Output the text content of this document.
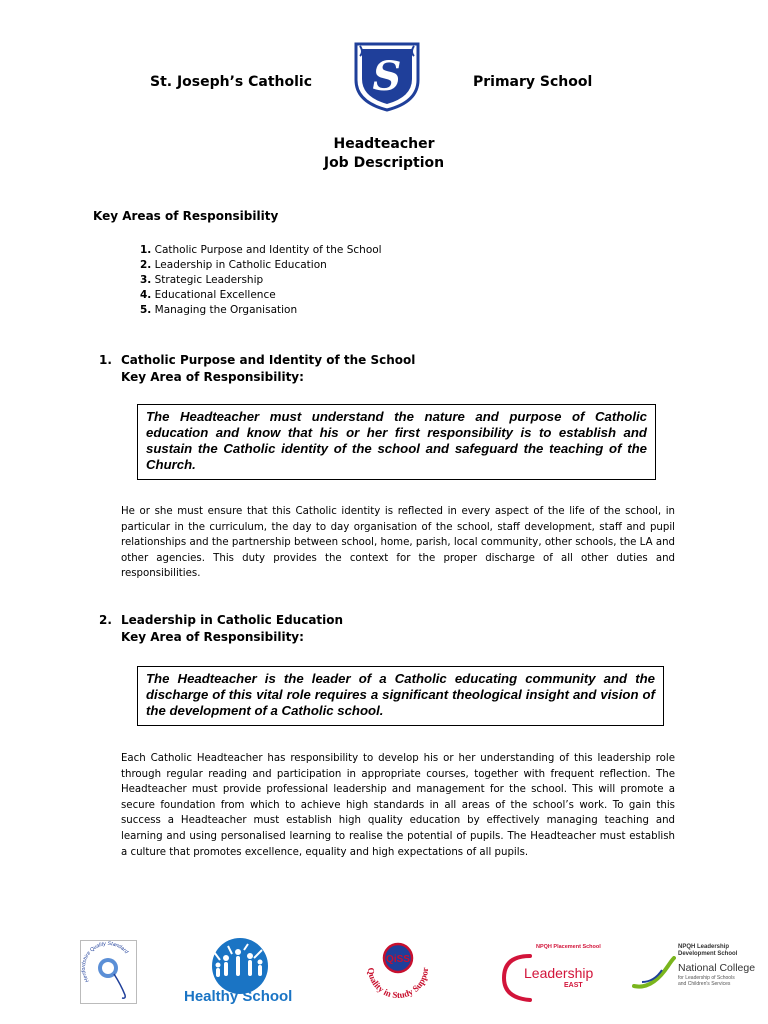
St. Joseph’s Catholic S	Primary School
Headteacher
Job Description
Key Areas of Responsibility
1. Catholic Purpose and Identity of the School
2. Leadership in Catholic Education
3. Strategic Leadership
4. Educational Excellence
5. Managing the Organisation
1. Catholic Purpose and Identity of the School
Key Area of Responsibility:
The Headteacher must understand the nature and purpose of Catholic education and know that his or her first responsibility is to establish and sustain the Catholic identity of the school and safeguard the teaching of the Church.
He or she must ensure that this Catholic identity is reflected in every aspect of the life of the school, in particular in the curriculum, the day to day organisation of the school, staff development, staff and pupil relationships and the partnership between school, home, parish, local community, other schools, the LA and other agencies. This duty provides the context for the proper discharge of all other duties and responsibilities.
2. Leadership in Catholic Education
Key Area of Responsibility:
The Headteacher is the leader of a Catholic educating community and the discharge of this vital role requires a significant theological insight and vision of the development of a Catholic school.
Each Catholic Headteacher has responsibility to develop his or her understanding of this leadership role through regular reading and participation in appropriate courses, together with frequent reflection. The Headteacher must provide professional leadership and management for the school. This will promote a secure foundation from which to achieve high standards in all areas of the school’s work. To gain this success a Headteacher must establish high quality education by effectively managing teaching and learning and using personalised learning to realise the potential of pupils. The Headteacher must establish a culture that promotes excellence, equality and high expectations of all pupils.
Hertfordshire Quality Standard
Healthy School
QiSS
Quality in Study Suppor
NPQH Placement School
Leadership
EAST
NPQH Leadership
Development School
National College
for Leadership of Schools
and Children's Services
